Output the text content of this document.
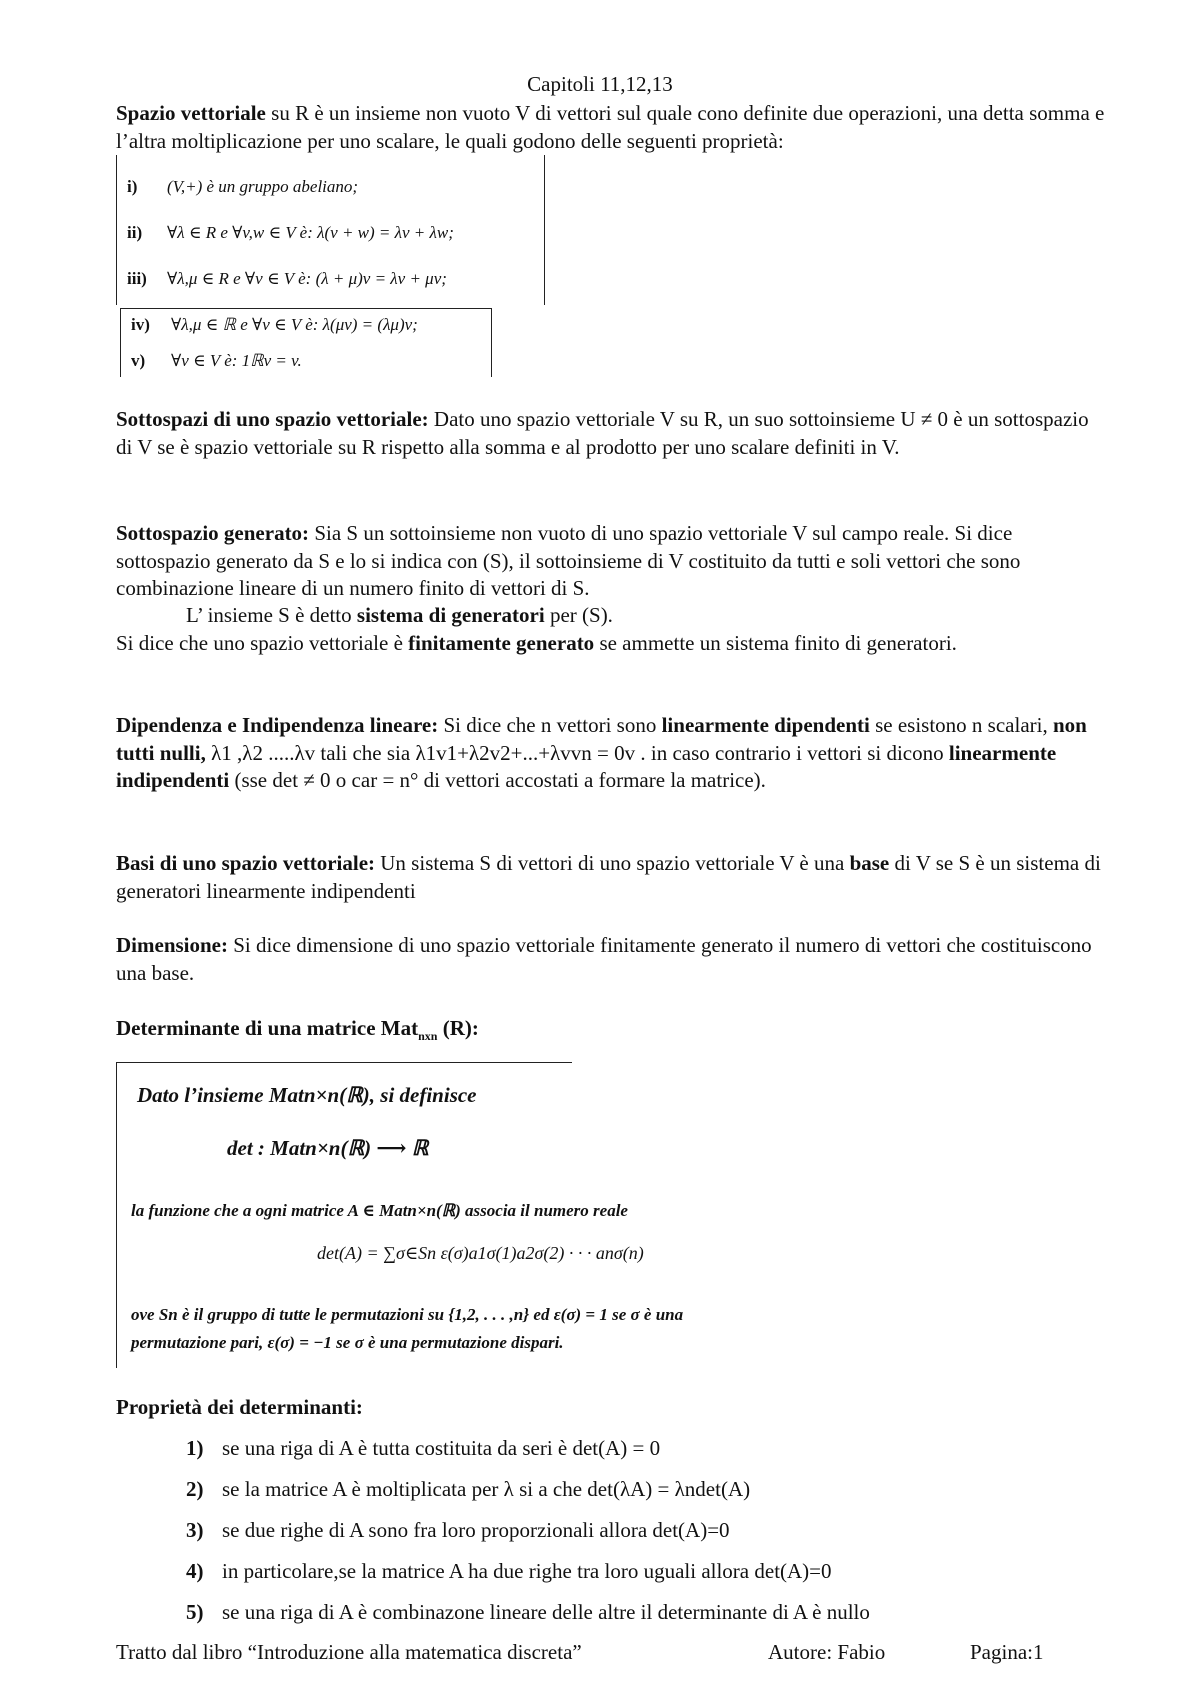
Capitoli 11,12,13
Spazio vettoriale su R è un insieme non vuoto V di vettori sul quale cono definite due operazioni, una detta somma e l’altra moltiplicazione per uno scalare, le quali godono delle seguenti proprietà:
i) (V,+) è un gruppo abeliano;
ii) ∀λ ∈ R e ∀v,w ∈ V è: λ(v + w) = λv + λw;
iii) ∀λ,μ ∈ R e ∀v ∈ V è: (λ + μ)v = λv + μv;
iv) ∀λ,μ ∈ ℝ e ∀v ∈ V è: λ(μv) = (λμ)v;
v) ∀v ∈ V è: 1ℝv = v.
Sottospazi di uno spazio vettoriale: Dato uno spazio vettoriale V su R, un suo sottoinsieme U ≠ 0 è un sottospazio di V se è spazio vettoriale su R rispetto alla somma e al prodotto per uno scalare definiti in V.
Sottospazio generato: Sia S un sottoinsieme non vuoto di uno spazio vettoriale V sul campo reale. Si dice sottospazio generato da S e lo si indica con (S), il sottoinsieme di V costituito da tutti e soli vettori che sono combinazione lineare di un numero finito di vettori di S.
L’ insieme S è detto sistema di generatori per (S).
Si dice che uno spazio vettoriale è finitamente generato se ammette un sistema finito di generatori.
Dipendenza e Indipendenza lineare: Si dice che n vettori sono linearmente dipendenti se esistono n scalari, non tutti nulli, λ1 ,λ2 .....λv tali che sia λ1v1+λ2v2+...+λvvn = 0v . in caso contrario i vettori si dicono linearmente indipendenti (sse det ≠ 0 o car = n° di vettori accostati a formare la matrice).
Basi di uno spazio vettoriale: Un sistema S di vettori di uno spazio vettoriale V è una base di V se S è un sistema di generatori linearmente indipendenti
Dimensione: Si dice dimensione di uno spazio vettoriale finitamente generato il numero di vettori che costituiscono una base.
Determinante di una matrice Mat$_{nxn}$ (R):
Dato l’insieme Matn×n(ℝ), si definisce
det : Matn×n(ℝ) ⟶ ℝ
la funzione che a ogni matrice A ∈ Matn×n(ℝ) associa il numero reale
det(A) = ∑σ∈Sn ε(σ)a1σ(1)a2σ(2) · · · anσ(n)
ove Sn è il gruppo di tutte le permutazioni su {1,2, . . . ,n} ed ε(σ) = 1 se σ è una
permutazione pari, ε(σ) = −1 se σ è una permutazione dispari.
Proprietà dei determinanti:
1) se una riga di A è tutta costituita da seri è det(A) = 0
2) se la matrice A è moltiplicata per λ si a che det(λA) = λndet(A)
3) se due righe di A sono fra loro proporzionali allora det(A)=0
4) in particolare,se la matrice A ha due righe tra loro uguali allora det(A)=0
5) se una riga di A è combinazone lineare delle altre il determinante di A è nullo
Tratto dal libro “Introduzione alla matematica discreta”	Autore: Fabio	Pagina:1
